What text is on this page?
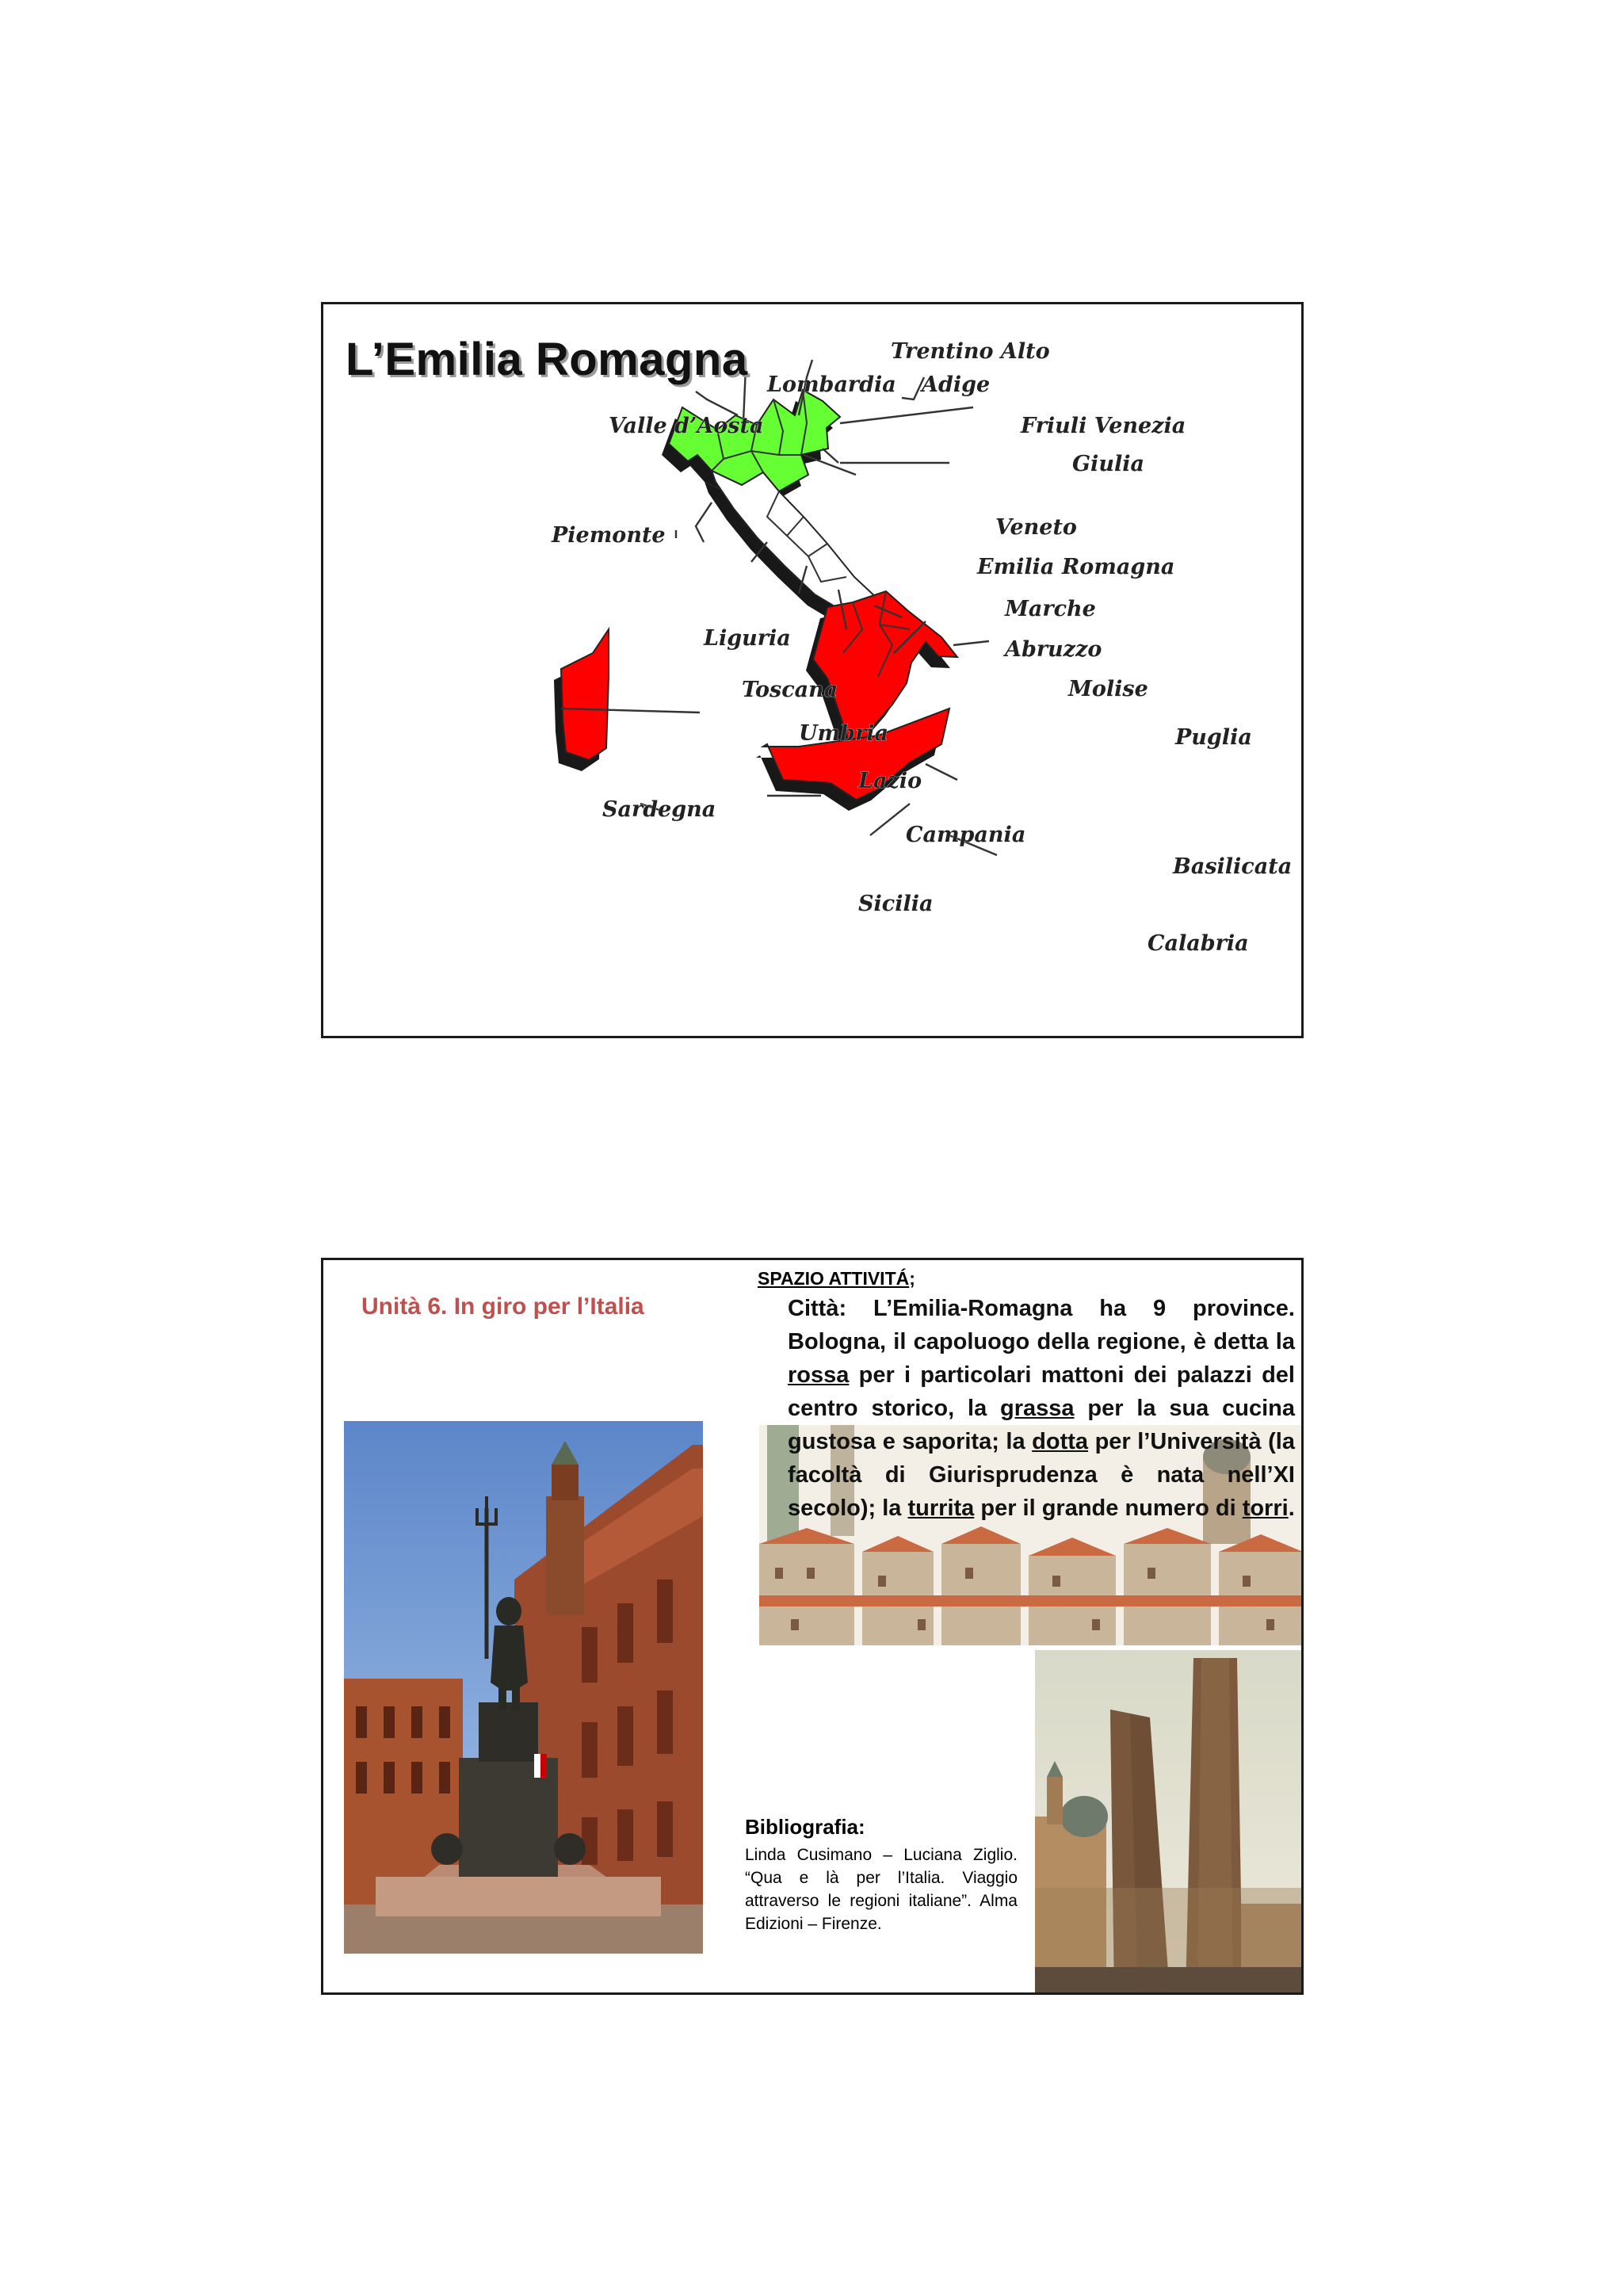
Trentino Alto
Adige
Lombardia
Valle d’Aosta	Friuli Venezia
Giulia
Piemonte	Veneto
Emilia Romagna
Marche
Liguria	Abruzzo
Toscana	Molise
Umbria	Puglia
Sardegna
Lazio
Campania
Basilicata
Sicilia
Calabria
L’Emilia Romagna
Unità 6. In giro per l’Italia
SPAZIO ATTIVITÁ;
Città: L’Emilia-Romagna ha 9 province. Bologna, il capoluogo della regione, è detta la rossa per i particolari mattoni dei palazzi del centro storico, la grassa per la sua cucina gustosa e saporita; la dotta per l’Università (la facoltà di Giurisprudenza è nata nell’XI secolo); la turrita per il grande numero di torri.
Bibliografia:
Linda Cusimano – Luciana Ziglio. “Qua e là per l’Italia. Viaggio attraverso le regioni italiane”. Alma Edizioni – Firenze.
